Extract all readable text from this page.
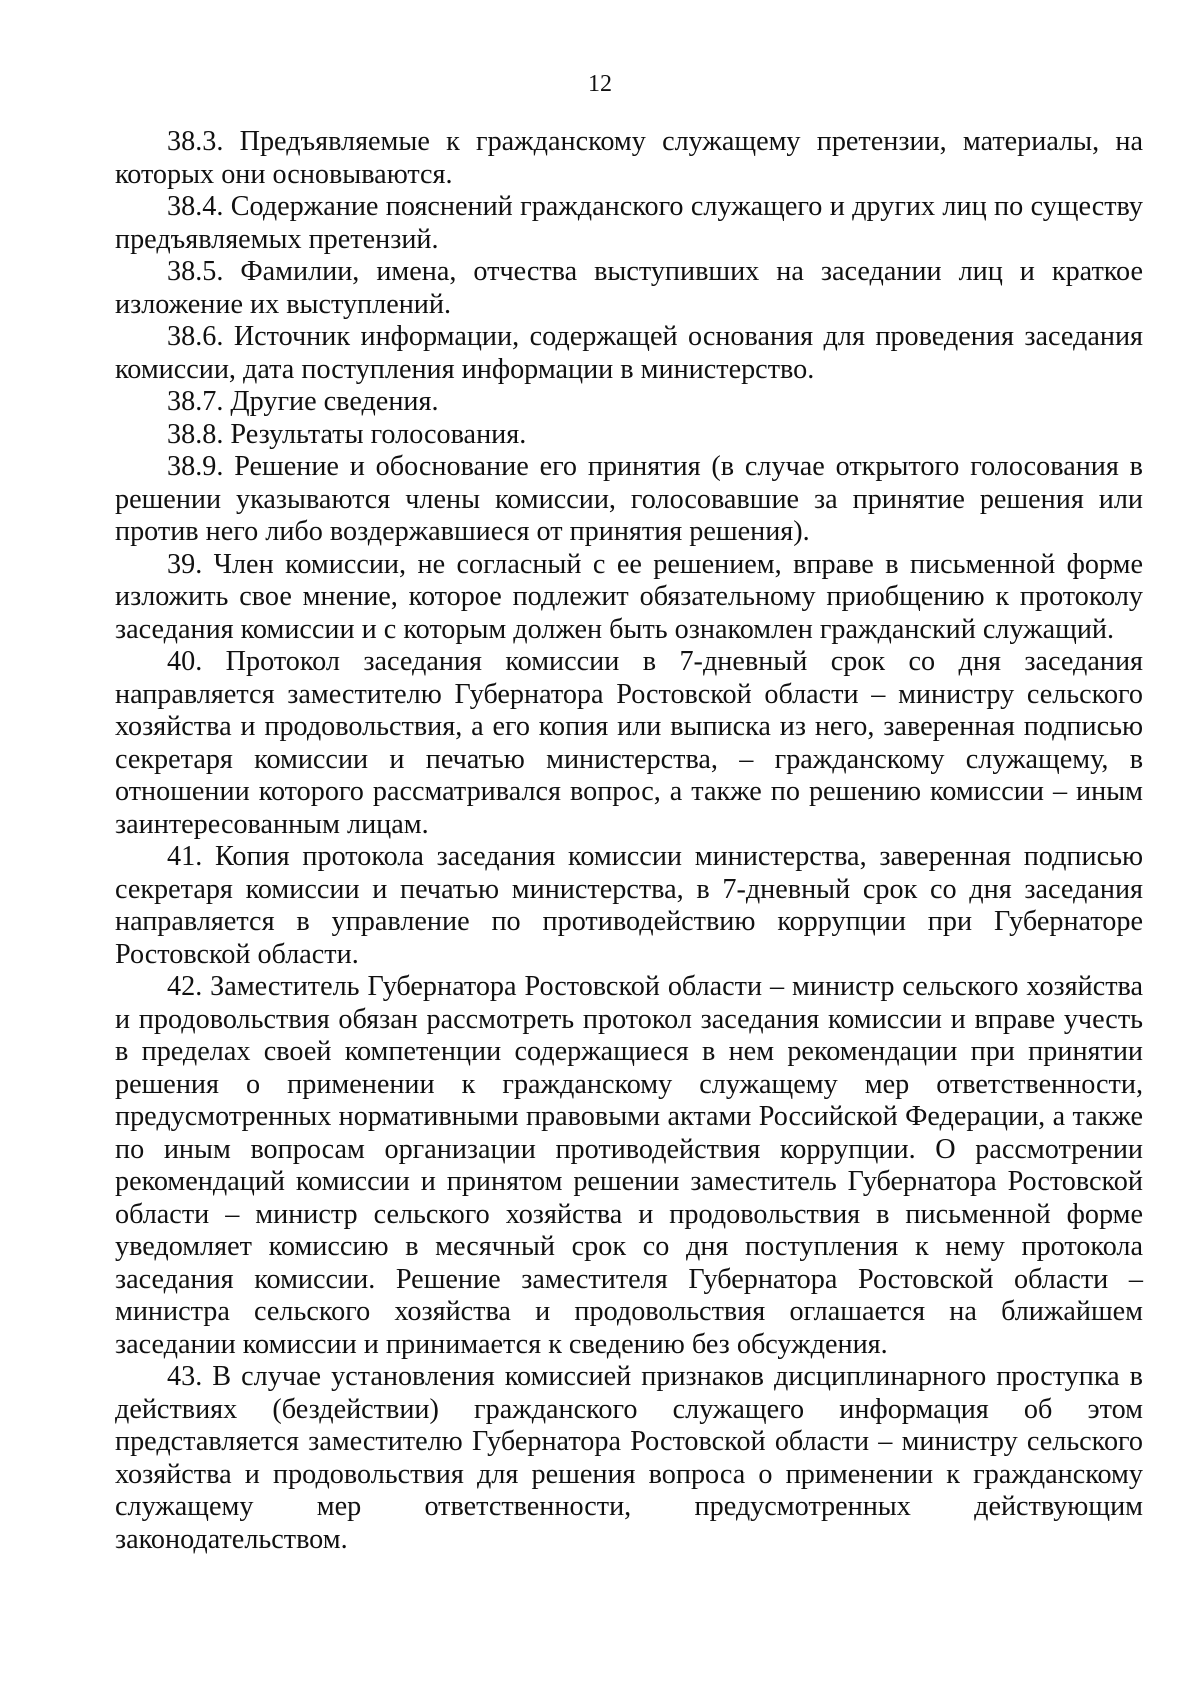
12

38.3. Предъявляемые к гражданскому служащему претензии, материалы, на которых они основываются.

38.4. Содержание пояснений гражданского служащего и других лиц по существу предъявляемых претензий.

38.5. Фамилии, имена, отчества выступивших на заседании лиц и краткое изложение их выступлений.

38.6. Источник информации, содержащей основания для проведения заседания комиссии, дата поступления информации в министерство.

38.7. Другие сведения.

38.8. Результаты голосования.

38.9. Решение и обоснование его принятия (в случае открытого голосования в решении указываются члены комиссии, голосовавшие за принятие решения или против него либо воздержавшиеся от принятия решения).

39. Член комиссии, не согласный с ее решением, вправе в письменной форме изложить свое мнение, которое подлежит обязательному приобщению к протоколу заседания комиссии и с которым должен быть ознакомлен гражданский служащий.

40. Протокол заседания комиссии в 7-дневный срок со дня заседания направляется заместителю Губернатора Ростовской области – министру сельского хозяйства и продовольствия, а его копия или выписка из него, заверенная подписью секретаря комиссии и печатью министерства, – гражданскому служащему, в отношении которого рассматривался вопрос, а также по решению комиссии – иным заинтересованным лицам.

41. Копия протокола заседания комиссии министерства, заверенная подписью секретаря комиссии и печатью министерства, в 7-дневный срок со дня заседания направляется в управление по противодействию коррупции при Губернаторе Ростовской области.

42. Заместитель Губернатора Ростовской области – министр сельского хозяйства и продовольствия обязан рассмотреть протокол заседания комиссии и вправе учесть в пределах своей компетенции содержащиеся в нем рекомендации при принятии решения о применении к гражданскому служащему мер ответственности, предусмотренных нормативными правовыми актами Российской Федерации, а также по иным вопросам организации противодействия коррупции. О рассмотрении рекомендаций комиссии и принятом решении заместитель Губернатора Ростовской области – министр сельского хозяйства и продовольствия в письменной форме уведомляет комиссию в месячный срок со дня поступления к нему протокола заседания комиссии. Решение заместителя Губернатора Ростовской области – министра сельского хозяйства и продовольствия оглашается на ближайшем заседании комиссии и принимается к сведению без обсуждения.

43. В случае установления комиссией признаков дисциплинарного проступка в действиях (бездействии) гражданского служащего информация об этом представляется заместителю Губернатора Ростовской области – министру сельского хозяйства и продовольствия для решения вопроса о применении к гражданскому служащему мер ответственности, предусмотренных действующим законодательством.
